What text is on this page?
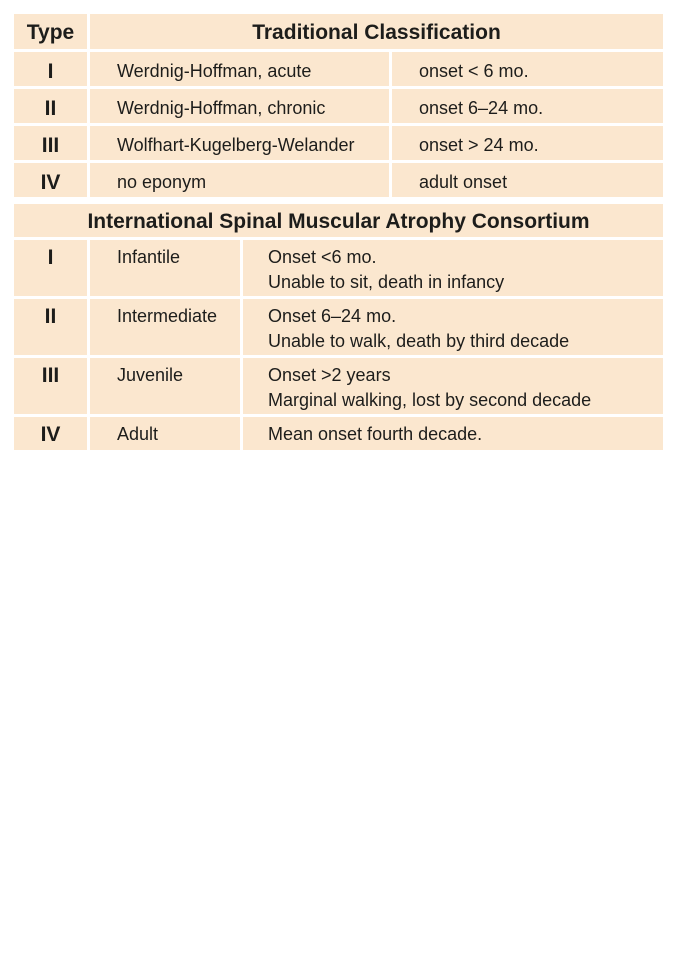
Type	Traditional Classification
I	Werdnig-Hoffman, acute	onset < 6 mo.
II	Werdnig-Hoffman, chronic	onset 6–24 mo.
III	Wolfhart-Kugelberg-Welander	onset > 24 mo.
IV	no eponym	adult onset
International Spinal Muscular Atrophy Consortium
I	Infantile	Onset <6 mo.
Unable to sit, death in infancy
II	Intermediate	Onset 6–24 mo.
Unable to walk, death by third decade
III	Juvenile	Onset >2 years
Marginal walking, lost by second decade
IV	Adult	Mean onset fourth decade.
